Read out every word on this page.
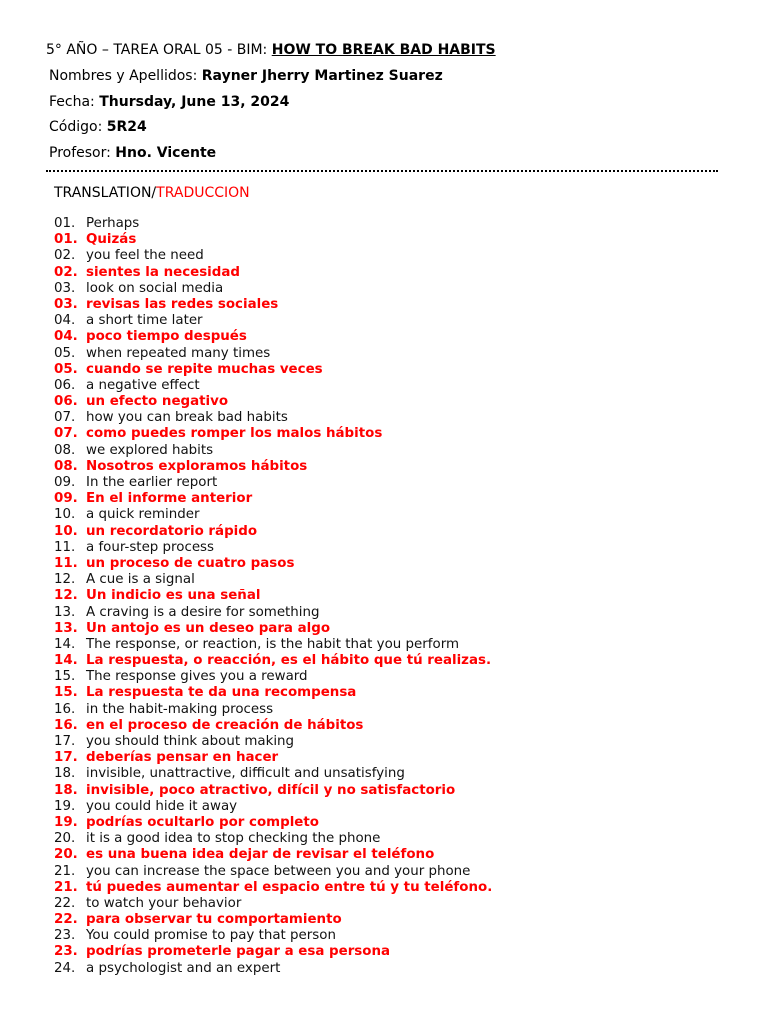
5° AÑO – TAREA ORAL 05 - BIM: HOW TO BREAK BAD HABITS
Nombres y Apellidos: Rayner Jherry Martinez Suarez
Fecha: Thursday, June 13, 2024
Código: 5R24
Profesor: Hno. Vicente
TRANSLATION/TRADUCCION
01. Perhaps
01. Quizás
02. you feel the need
02. sientes la necesidad
03. look on social media
03. revisas las redes sociales
04. a short time later
04. poco tiempo después
05. when repeated many times
05. cuando se repite muchas veces
06. a negative effect
06. un efecto negativo
07. how you can break bad habits
07. como puedes romper los malos hábitos
08. we explored habits
08. Nosotros exploramos hábitos
09. In the earlier report
09. En el informe anterior
10. a quick reminder
10. un recordatorio rápido
11. a four-step process
11. un proceso de cuatro pasos
12. A cue is a signal
12. Un indicio es una señal
13. A craving is a desire for something
13. Un antojo es un deseo para algo
14. The response, or reaction, is the habit that you perform
14. La respuesta, o reacción, es el hábito que tú realizas.
15. The response gives you a reward
15. La respuesta te da una recompensa
16. in the habit-making process
16. en el proceso de creación de hábitos
17. you should think about making
17. deberías pensar en hacer
18. invisible, unattractive, difficult and unsatisfying
18. invisible, poco atractivo, difícil y no satisfactorio
19. you could hide it away
19. podrías ocultarlo por completo
20. it is a good idea to stop checking the phone
20. es una buena idea dejar de revisar el teléfono
21. you can increase the space between you and your phone
21. tú puedes aumentar el espacio entre tú y tu teléfono.
22. to watch your behavior
22. para observar tu comportamiento
23. You could promise to pay that person
23. podrías prometerle pagar a esa persona
24. a psychologist and an expert
